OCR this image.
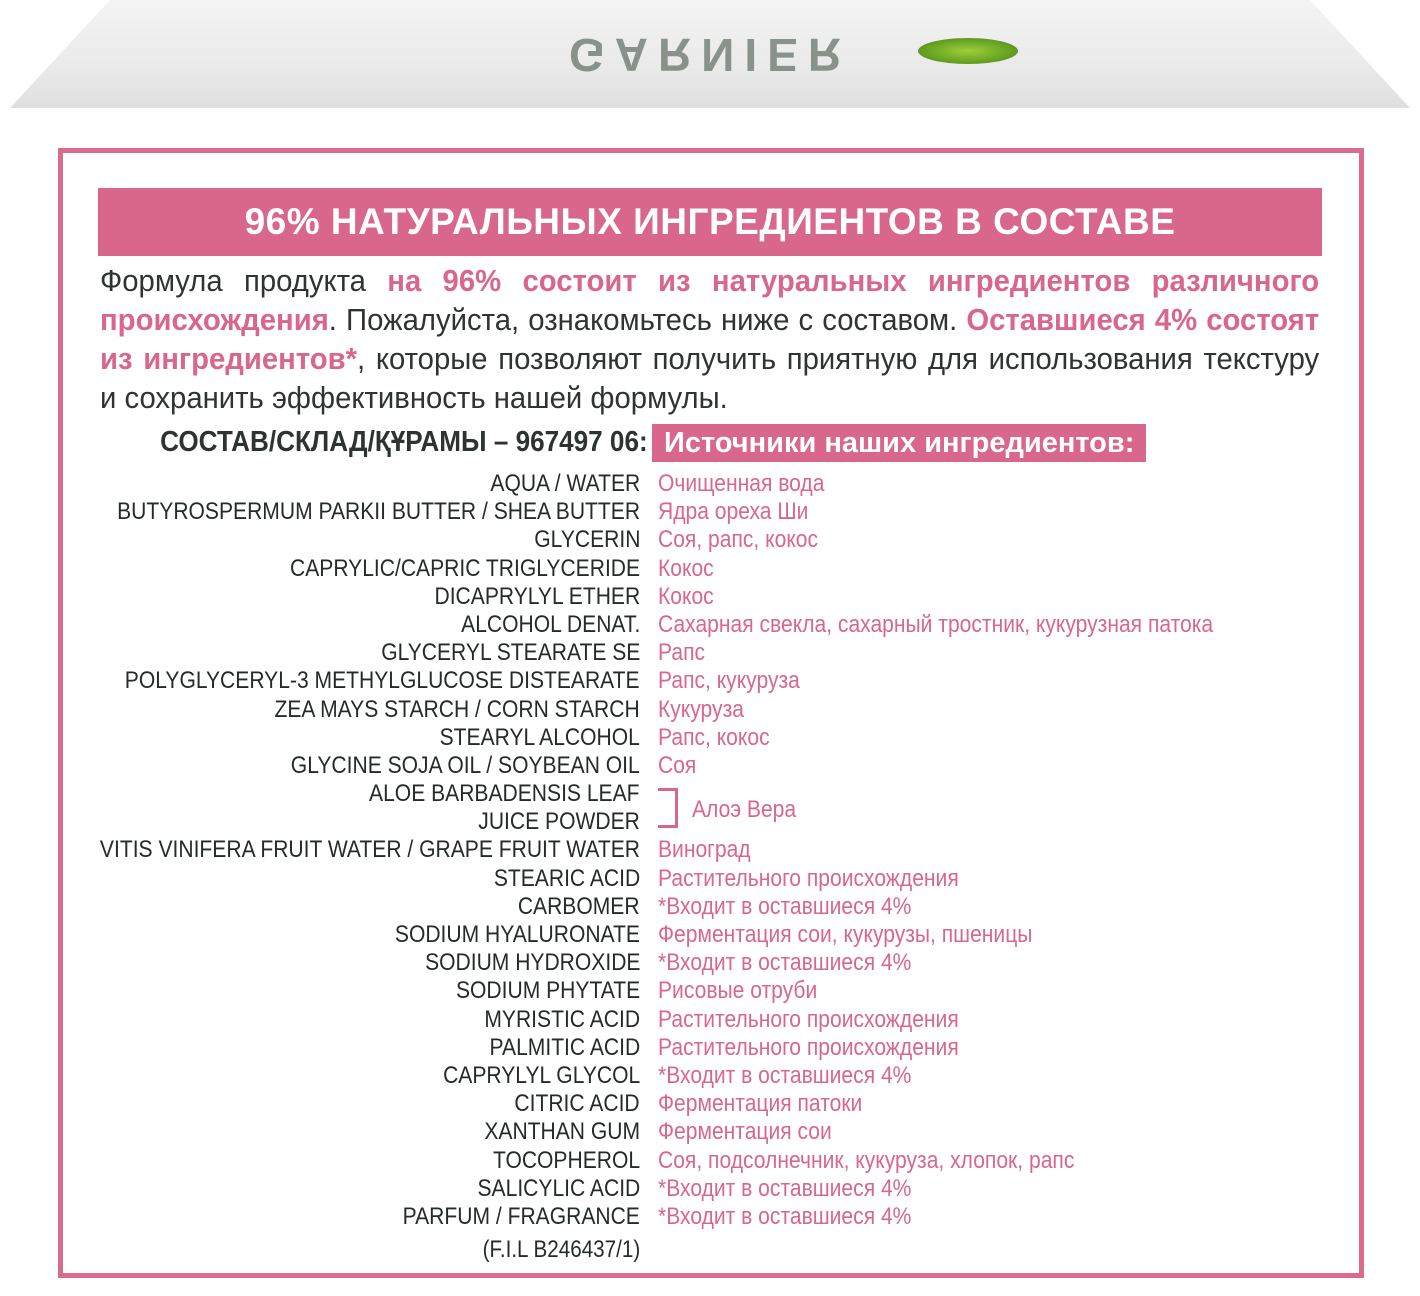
GARNIER
96% НАТУРАЛЬНЫХ ИНГРЕДИЕНТОВ В СОСТАВЕ
Формула продукта на 96% состоит из натуральных ингредиентов различного происхождения. Пожалуйста, ознакомьтесь ниже с составом. Оставшиеся 4% состоят из ингредиентов*, которые позволяют получить приятную для использования текстуру и сохранить эффективность нашей формулы.
СОСТАВ/СКЛАД/ҚҰРАМЫ – 967497 06: Источники наших ингредиентов:
AQUA / WATER Очищенная вода
BUTYROSPERMUM PARKII BUTTER / SHEA BUTTER Ядра ореха Ши
GLYCERIN Соя, рапс, кокос
CAPRYLIC/CAPRIC TRIGLYCERIDE Кокос
DICAPRYLYL ETHER Кокос
ALCOHOL DENAT. Сахарная свекла, сахарный тростник, кукурузная патока
GLYCERYL STEARATE SE Рапс
POLYGLYCERYL-3 METHYLGLUCOSE DISTEARATE Рапс, кукуруза
ZEA MAYS STARCH / CORN STARCH Кукуруза
STEARYL ALCOHOL Рапс, кокос
GLYCINE SOJA OIL / SOYBEAN OIL Соя
ALOE BARBADENSIS LEAF
JUICE POWDER Алоэ Вера
VITIS VINIFERA FRUIT WATER / GRAPE FRUIT WATER Виноград
STEARIC ACID Растительного происхождения
CARBOMER *Входит в оставшиеся 4%
SODIUM HYALURONATE Ферментация сои, кукурузы, пшеницы
SODIUM HYDROXIDE *Входит в оставшиеся 4%
SODIUM PHYTATE Рисовые отруби
MYRISTIC ACID Растительного происхождения
PALMITIC ACID Растительного происхождения
CAPRYLYL GLYCOL *Входит в оставшиеся 4%
CITRIC ACID Ферментация патоки
XANTHAN GUM Ферментация сои
TOCOPHEROL Соя, подсолнечник, кукуруза, хлопок, рапс
SALICYLIC ACID *Входит в оставшиеся 4%
PARFUM / FRAGRANCE *Входит в оставшиеся 4%
(F.I.L B246437/1)
